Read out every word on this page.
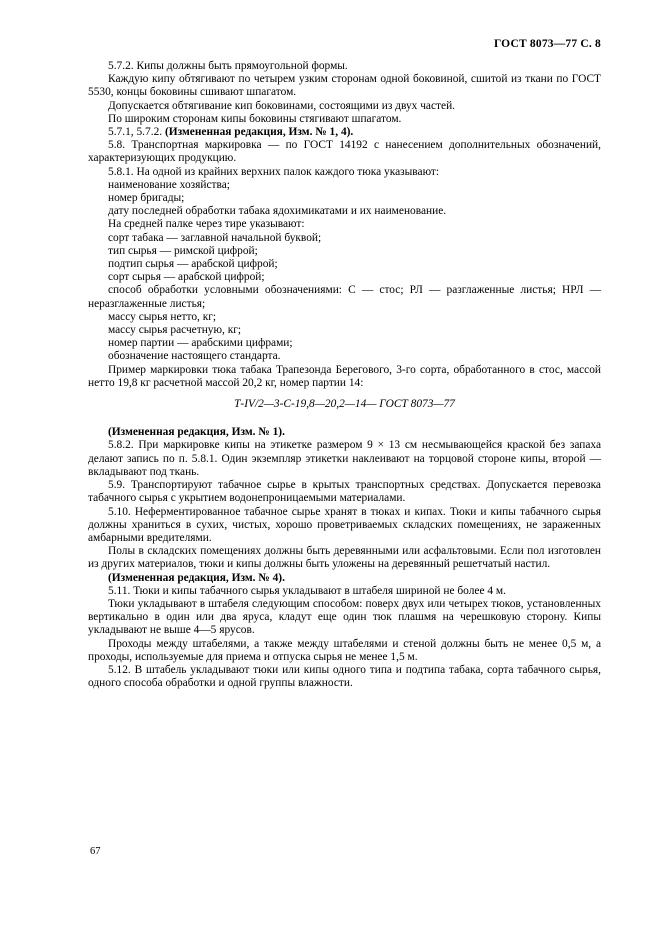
ГОСТ 8073—77 С. 8

5.7.2. Кипы должны быть прямоугольной формы.

Каждую кипу обтягивают по четырем узким сторонам одной боковиной, сшитой из ткани по ГОСТ 5530, концы боковины сшивают шпагатом.

Допускается обтягивание кип боковинами, состоящими из двух частей.

По широким сторонам кипы боковины стягивают шпагатом.

5.7.1, 5.7.2. (Измененная редакция, Изм. № 1, 4).

5.8. Транспортная маркировка — по ГОСТ 14192 с нанесением дополнительных обозначений, характеризующих продукцию.

5.8.1. На одной из крайних верхних палок каждого тюка указывают:

наименование хозяйства;

номер бригады;

дату последней обработки табака ядохимикатами и их наименование.

На средней палке через тире указывают:

сорт табака — заглавной начальной буквой;

тип сырья — римской цифрой;

подтип сырья — арабской цифрой;

сорт сырья — арабской цифрой;

способ обработки условными обозначениями: С — стос; РЛ — разглаженные листья; НРЛ — неразглаженные листья;

массу сырья нетто, кг;

массу сырья расчетную, кг;

номер партии — арабскими цифрами;

обозначение настоящего стандарта.

Пример маркировки тюка табака Трапезонда Берегового, 3-го сорта, обработанного в стос, массой нетто 19,8 кг расчетной массой 20,2 кг, номер партии 14:

Т-IV/2—3-С-19,8—20,2—14— ГОСТ 8073—77

(Измененная редакция, Изм. № 1).

5.8.2. При маркировке кипы на этикетке размером 9 × 13 см несмывающейся краской без запаха делают запись по п. 5.8.1. Один экземпляр этикетки наклеивают на торцовой стороне кипы, второй — вкладывают под ткань.

5.9. Транспортируют табачное сырье в крытых транспортных средствах. Допускается перевозка табачного сырья с укрытием водонепроницаемыми материалами.

5.10. Неферментированное табачное сырье хранят в тюках и кипах. Тюки и кипы табачного сырья должны храниться в сухих, чистых, хорошо проветриваемых складских помещениях, не зараженных амбарными вредителями.

Полы в складских помещениях должны быть деревянными или асфальтовыми. Если пол изготовлен из других материалов, тюки и кипы должны быть уложены на деревянный решетчатый настил.

(Измененная редакция, Изм. № 4).

5.11. Тюки и кипы табачного сырья укладывают в штабеля шириной не более 4 м.

Тюки укладывают в штабеля следующим способом: поверх двух или четырех тюков, установленных вертикально в один или два яруса, кладут еще один тюк плашмя на черешковую сторону. Кипы укладывают не выше 4—5 ярусов.

Проходы между штабелями, а также между штабелями и стеной должны быть не менее 0,5 м, а проходы, используемые для приема и отпуска сырья не менее 1,5 м.

5.12. В штабель укладывают тюки или кипы одного типа и подтипа табака, сорта табачного сырья, одного способа обработки и одной группы влажности.

67
